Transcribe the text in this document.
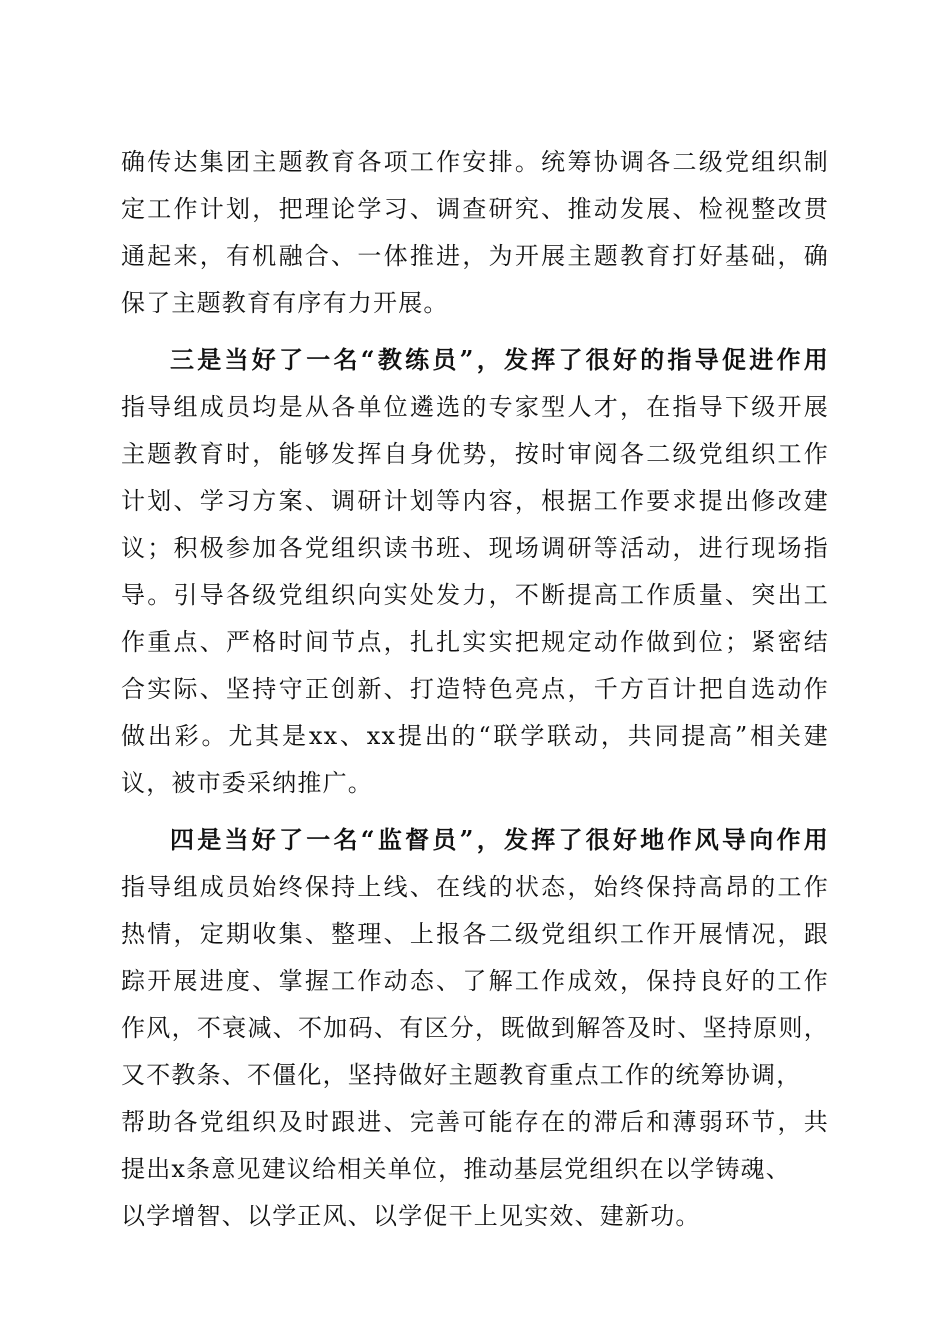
确传达集团主题教育各项工作安排。统筹协调各二级党组织制
定工作计划，把理论学习、调查研究、推动发展、检视整改贯
通起来，有机融合、一体推进，为开展主题教育打好基础，确
保了主题教育有序有力开展。
三是当好了一名“教练员”，发挥了很好的指导促进作用
指导组成员均是从各单位遴选的专家型人才，在指导下级开展
主题教育时，能够发挥自身优势，按时审阅各二级党组织工作
计划、学习方案、调研计划等内容，根据工作要求提出修改建
议；积极参加各党组织读书班、现场调研等活动，进行现场指
导。引导各级党组织向实处发力，不断提高工作质量、突出工
作重点、严格时间节点，扎扎实实把规定动作做到位；紧密结
合实际、坚持守正创新、打造特色亮点，千方百计把自选动作
做出彩。尤其是xx、xx提出的“联学联动，共同提高”相关建
议，被市委采纳推广。
四是当好了一名“监督员”，发挥了很好地作风导向作用
指导组成员始终保持上线、在线的状态，始终保持高昂的工作
热情，定期收集、整理、上报各二级党组织工作开展情况，跟
踪开展进度、掌握工作动态、了解工作成效，保持良好的工作
作风，不衰减、不加码、有区分，既做到解答及时、坚持原则，
又不教条、不僵化，坚持做好主题教育重点工作的统筹协调，
帮助各党组织及时跟进、完善可能存在的滞后和薄弱环节，共
提出x条意见建议给相关单位，推动基层党组织在以学铸魂、
以学增智、以学正风、以学促干上见实效、建新功。
